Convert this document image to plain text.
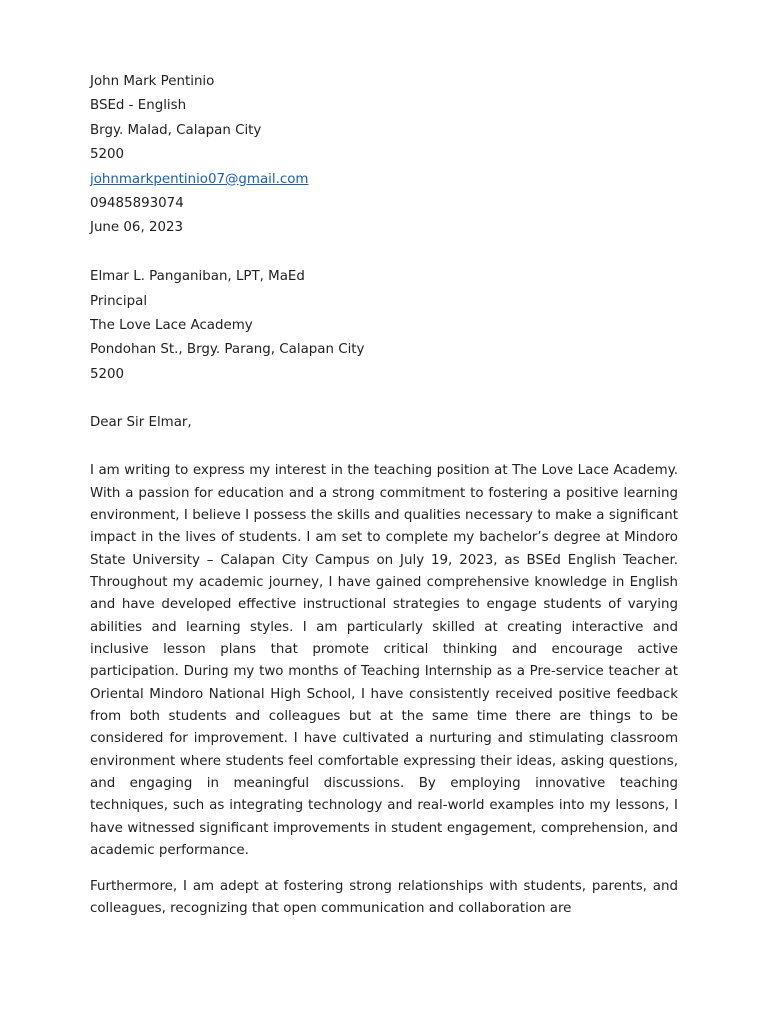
John Mark Pentinio
BSEd - English
Brgy. Malad, Calapan City
5200
johnmarkpentinio07@gmail.com
09485893074
June 06, 2023
Elmar L. Panganiban, LPT, MaEd
Principal
The Love Lace Academy
Pondohan St., Brgy. Parang, Calapan City
5200
Dear Sir Elmar,

I am writing to express my interest in the teaching position at The Love Lace Academy. With a passion for education and a strong commitment to fostering a positive learning environment, I believe I possess the skills and qualities necessary to make a significant impact in the lives of students. I am set to complete my bachelor’s degree at Mindoro State University – Calapan City Campus on July 19, 2023, as BSEd English Teacher. Throughout my academic journey, I have gained comprehensive knowledge in English and have developed effective instructional strategies to engage students of varying abilities and learning styles. I am particularly skilled at creating interactive and inclusive lesson plans that promote critical thinking and encourage active participation. During my two months of Teaching Internship as a Pre-service teacher at Oriental Mindoro National High School, I have consistently received positive feedback from both students and colleagues but at the same time there are things to be considered for improvement. I have cultivated a nurturing and stimulating classroom environment where students feel comfortable expressing their ideas, asking questions, and engaging in meaningful discussions. By employing innovative teaching techniques, such as integrating technology and real-world examples into my lessons, I have witnessed significant improvements in student engagement, comprehension, and academic performance.

Furthermore, I am adept at fostering strong relationships with students, parents, and colleagues, recognizing that open communication and collaboration are
